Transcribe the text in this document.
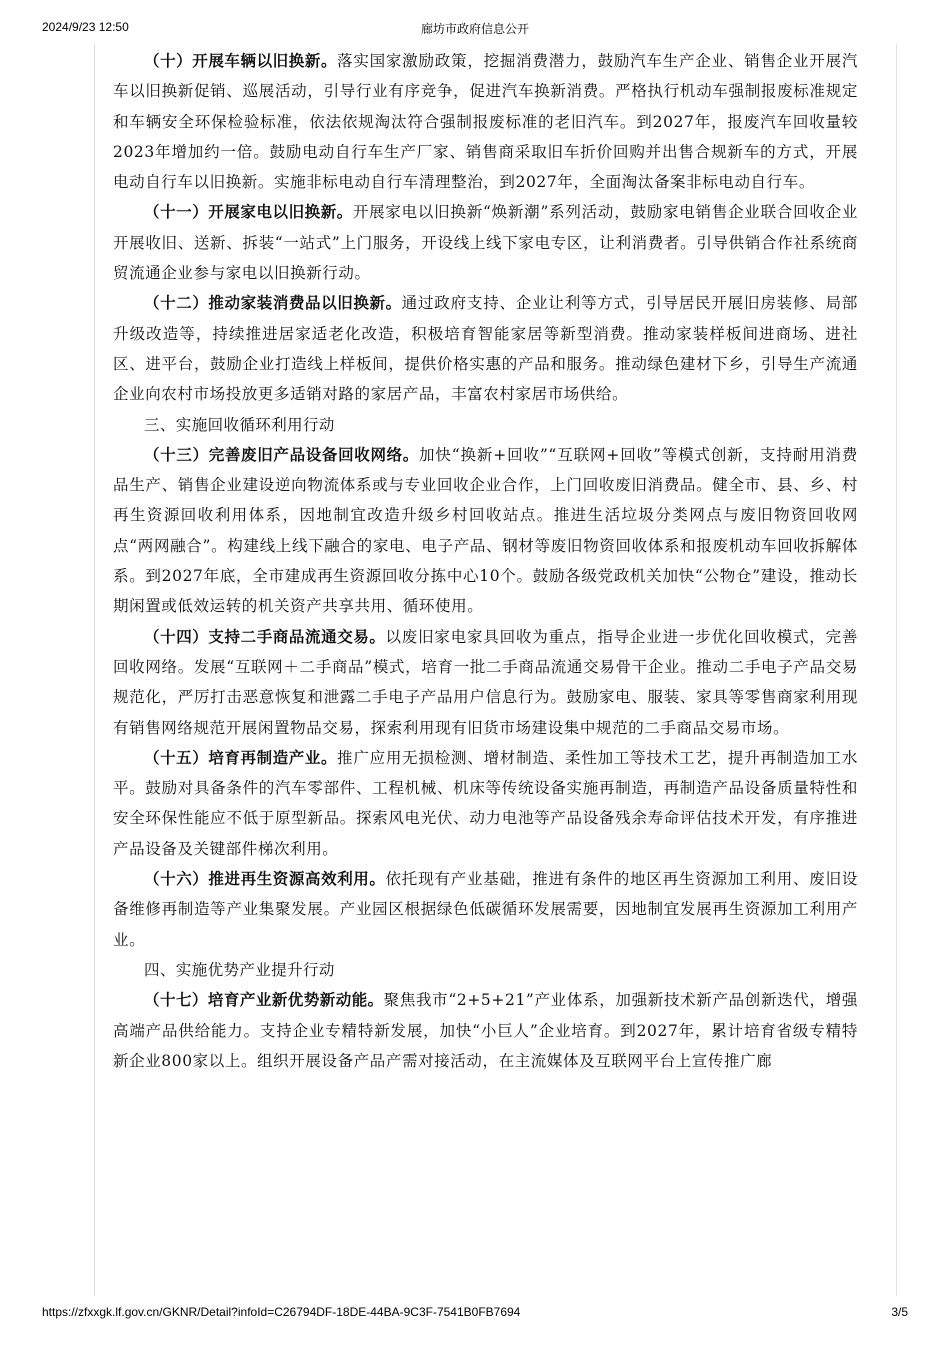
2024/9/23 12:50	廊坊市政府信息公开

（十）开展车辆以旧换新。落实国家激励政策，挖掘消费潜力，鼓励汽车生产企业、销售企业开展汽车以旧换新促销、巡展活动，引导行业有序竞争，促进汽车换新消费。严格执行机动车强制报废标准规定和车辆安全环保检验标准，依法依规淘汰符合强制报废标准的老旧汽车。到2027年，报废汽车回收量较2023年增加约一倍。鼓励电动自行车生产厂家、销售商采取旧车折价回购并出售合规新车的方式，开展电动自行车以旧换新。实施非标电动自行车清理整治，到2027年，全面淘汰备案非标电动自行车。

（十一）开展家电以旧换新。开展家电以旧换新“焕新潮”系列活动，鼓励家电销售企业联合回收企业开展收旧、送新、拆装“一站式”上门服务，开设线上线下家电专区，让利消费者。引导供销合作社系统商贸流通企业参与家电以旧换新行动。

（十二）推动家装消费品以旧换新。通过政府支持、企业让利等方式，引导居民开展旧房装修、局部升级改造等，持续推进居家适老化改造，积极培育智能家居等新型消费。推动家装样板间进商场、进社区、进平台，鼓励企业打造线上样板间，提供价格实惠的产品和服务。推动绿色建材下乡，引导生产流通企业向农村市场投放更多适销对路的家居产品，丰富农村家居市场供给。

三、实施回收循环利用行动

（十三）完善废旧产品设备回收网络。加快“换新+回收”“互联网+回收”等模式创新，支持耐用消费品生产、销售企业建设逆向物流体系或与专业回收企业合作，上门回收废旧消费品。健全市、县、乡、村再生资源回收利用体系，因地制宜改造升级乡村回收站点。推进生活垃圾分类网点与废旧物资回收网点“两网融合”。构建线上线下融合的家电、电子产品、钢材等废旧物资回收体系和报废机动车回收拆解体系。到2027年底，全市建成再生资源回收分拣中心10个。鼓励各级党政机关加快“公物仓”建设，推动长期闲置或低效运转的机关资产共享共用、循环使用。

（十四）支持二手商品流通交易。以废旧家电家具回收为重点，指导企业进一步优化回收模式，完善回收网络。发展“互联网＋二手商品”模式，培育一批二手商品流通交易骨干企业。推动二手电子产品交易规范化，严厉打击恶意恢复和泄露二手电子产品用户信息行为。鼓励家电、服装、家具等零售商家利用现有销售网络规范开展闲置物品交易，探索利用现有旧货市场建设集中规范的二手商品交易市场。

（十五）培育再制造产业。推广应用无损检测、增材制造、柔性加工等技术工艺，提升再制造加工水平。鼓励对具备条件的汽车零部件、工程机械、机床等传统设备实施再制造，再制造产品设备质量特性和安全环保性能应不低于原型新品。探索风电光伏、动力电池等产品设备残余寿命评估技术开发，有序推进产品设备及关键部件梯次利用。

（十六）推进再生资源高效利用。依托现有产业基础，推进有条件的地区再生资源加工利用、废旧设备维修再制造等产业集聚发展。产业园区根据绿色低碳循环发展需要，因地制宜发展再生资源加工利用产业。

四、实施优势产业提升行动

（十七）培育产业新优势新动能。聚焦我市“2+5+21”产业体系，加强新技术新产品创新迭代，增强高端产品供给能力。支持企业专精特新发展，加快“小巨人”企业培育。到2027年，累计培育省级专精特新企业800家以上。组织开展设备产品产需对接活动，在主流媒体及互联网平台上宣传推广廊

https://zfxxgk.lf.gov.cn/GKNR/Detail?infoId=C26794DF-18DE-44BA-9C3F-7541B0FB7694	3/5
